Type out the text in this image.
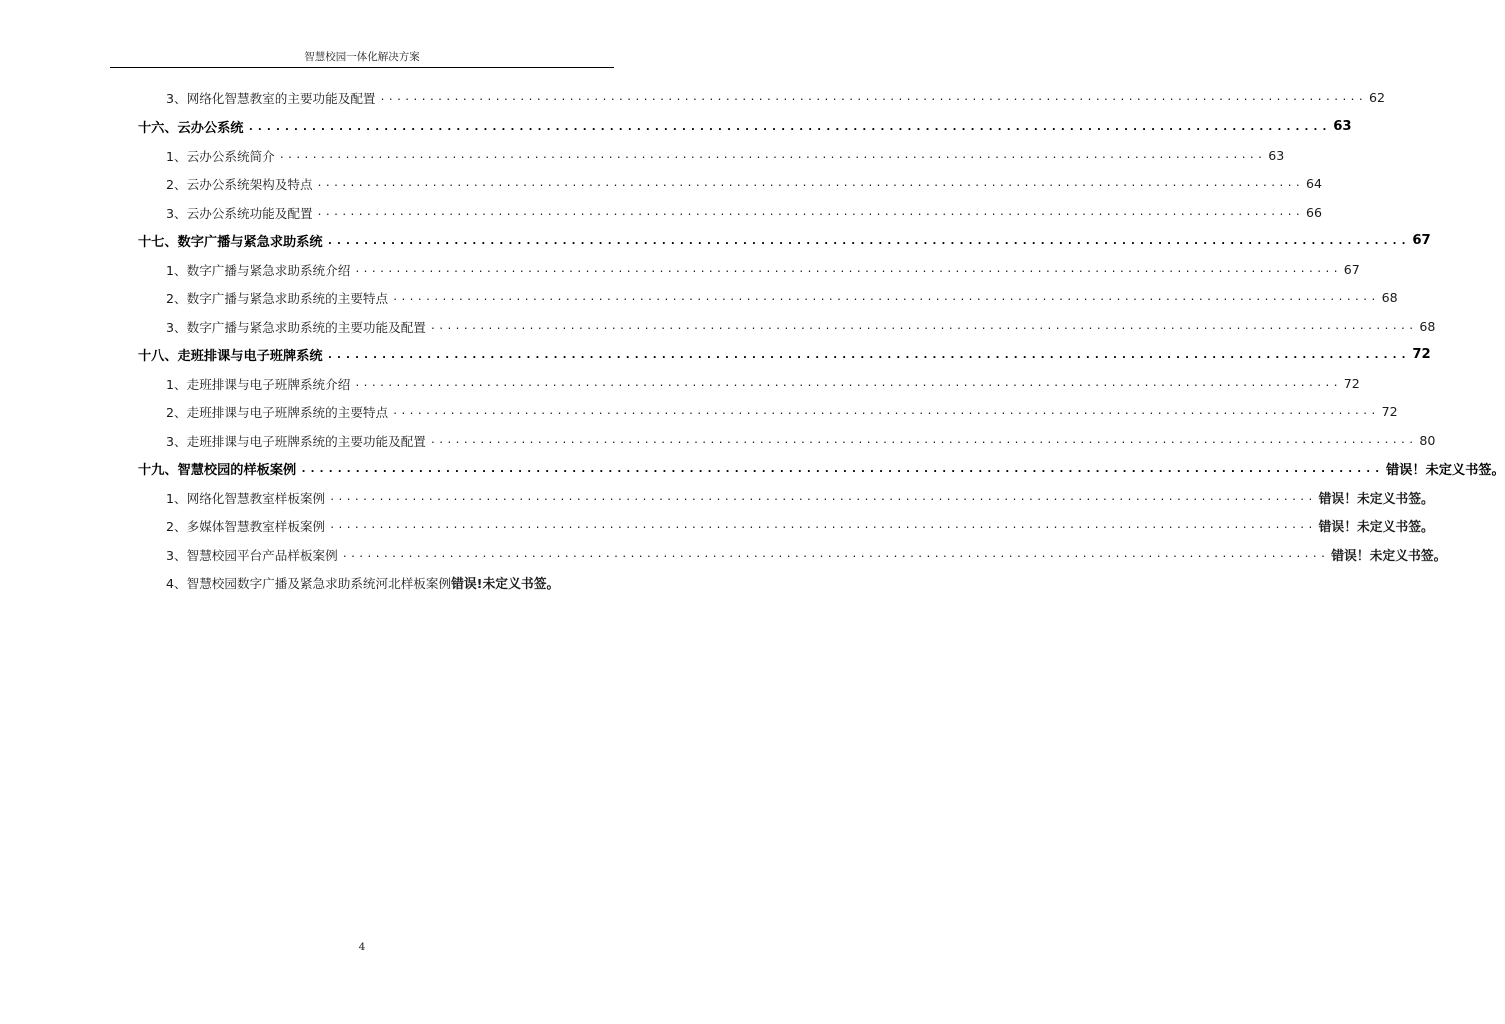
智慧校园一体化解决方案
3、网络化智慧教室的主要功能及配置 ........................................................................................................................ 62
十六、云办公系统 ........................................................................................................................ 63
1、云办公系统简介 ........................................................................................................................ 63
2、云办公系统架构及特点 ........................................................................................................................ 64
3、云办公系统功能及配置 ........................................................................................................................ 66
十七、数字广播与紧急求助系统 ........................................................................................................................ 67
1、数字广播与紧急求助系统介绍 ........................................................................................................................ 67
2、数字广播与紧急求助系统的主要特点 ........................................................................................................................ 68
3、数字广播与紧急求助系统的主要功能及配置 ........................................................................................................................ 68
十八、走班排课与电子班牌系统 ........................................................................................................................ 72
1、走班排课与电子班牌系统介绍 ........................................................................................................................ 72
2、走班排课与电子班牌系统的主要特点 ........................................................................................................................ 72
3、走班排课与电子班牌系统的主要功能及配置 ........................................................................................................................ 80
十九、智慧校园的样板案例 ........................................................................................................................ 错误！未定义书签。
1、网络化智慧教室样板案例 ........................................................................................................................ 错误！未定义书签。
2、多媒体智慧教室样板案例 ........................................................................................................................ 错误！未定义书签。
3、智慧校园平台产品样板案例 ........................................................................................................................ 错误！未定义书签。
4、智慧校园数字广播及紧急求助系统河北样板案例 错误!未定义书签。
4
